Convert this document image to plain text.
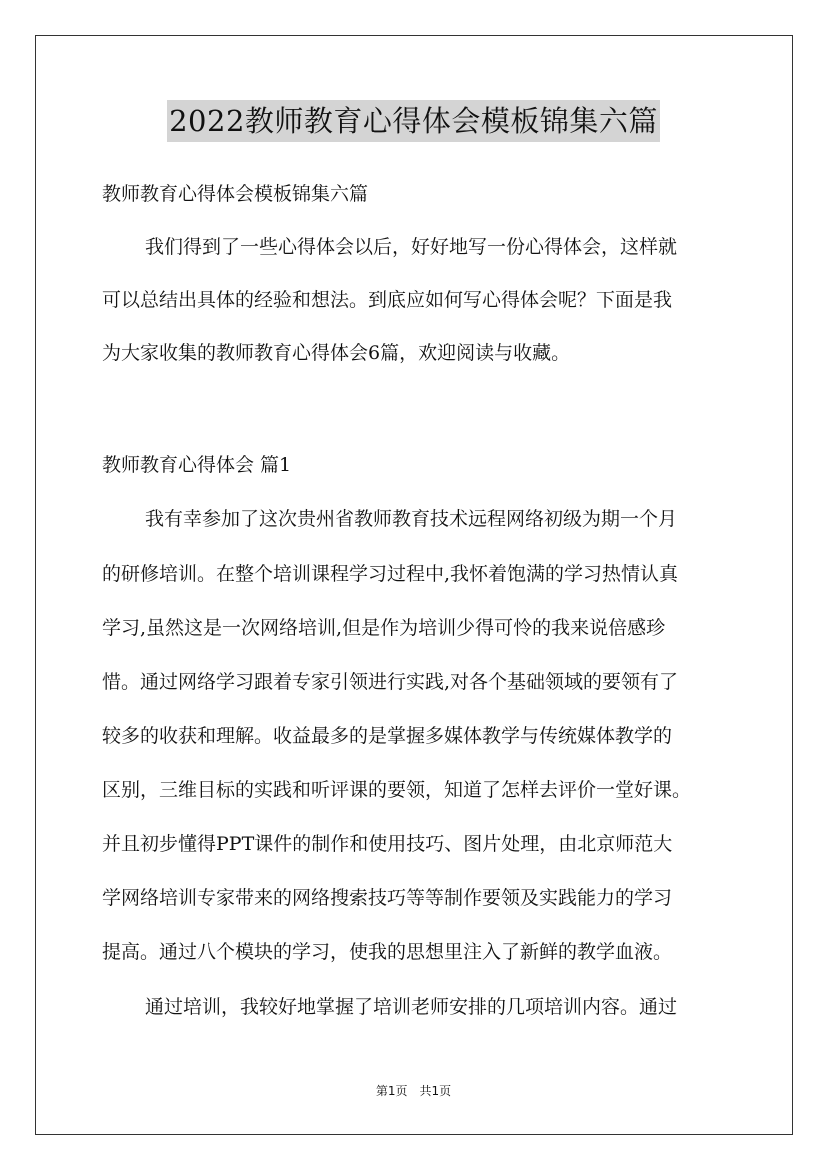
2022教师教育心得体会模板锦集六篇
教师教育心得体会模板锦集六篇
我们得到了一些心得体会以后，好好地写一份心得体会，这样就
可以总结出具体的经验和想法。到底应如何写心得体会呢？下面是我
为大家收集的教师教育心得体会6篇，欢迎阅读与收藏。
教师教育心得体会 篇1
我有幸参加了这次贵州省教师教育技术远程网络初级为期一个月
的研修培训。在整个培训课程学习过程中,我怀着饱满的学习热情认真
学习,虽然这是一次网络培训,但是作为培训少得可怜的我来说倍感珍
惜。通过网络学习跟着专家引领进行实践,对各个基础领域的要领有了
较多的收获和理解。收益最多的是掌握多媒体教学与传统媒体教学的
区别，三维目标的实践和听评课的要领，知道了怎样去评价一堂好课。
并且初步懂得PPT课件的制作和使用技巧、图片处理，由北京师范大
学网络培训专家带来的网络搜索技巧等等制作要领及实践能力的学习
提高。通过八个模块的学习，使我的思想里注入了新鲜的教学血液。
通过培训，我较好地掌握了培训老师安排的几项培训内容。通过
第1页 共1页
